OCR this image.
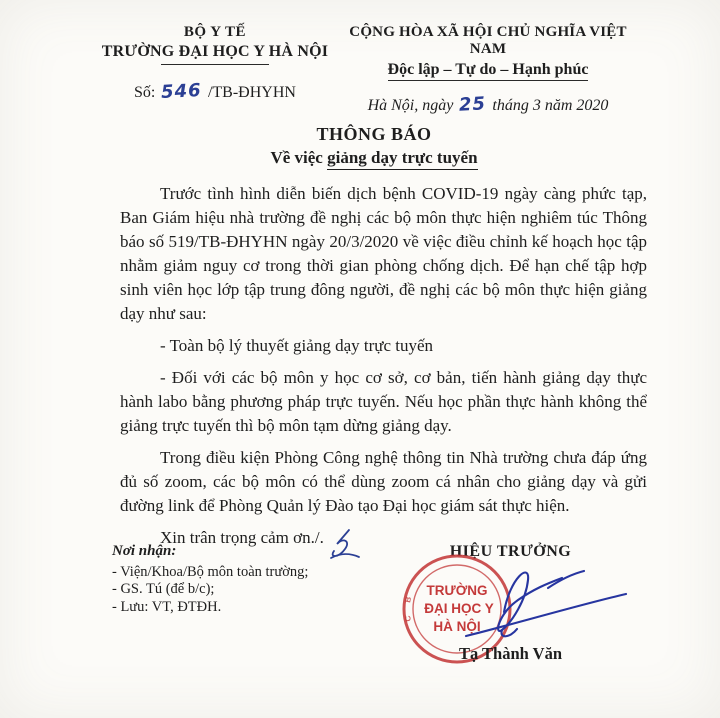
BỘ Y TẾ
TRƯỜNG ĐẠI HỌC Y HÀ NỘI
Số: 546 /TB-ĐHYHN
CỘNG HÒA XÃ HỘI CHỦ NGHĨA VIỆT NAM
Độc lập – Tự do – Hạnh phúc
Hà Nội, ngày 25 tháng 3 năm 2020
THÔNG BÁO
Về việc giảng dạy trực tuyến

Trước tình hình diễn biến dịch bệnh COVID-19 ngày càng phức tạp, Ban Giám hiệu nhà trường đề nghị các bộ môn thực hiện nghiêm túc Thông báo số 519/TB-ĐHYHN ngày 20/3/2020 về việc điều chỉnh kế hoạch học tập nhằm giảm nguy cơ trong thời gian phòng chống dịch. Để hạn chế tập hợp sinh viên học lớp tập trung đông người, đề nghị các bộ môn thực hiện giảng dạy như sau:

- Toàn bộ lý thuyết giảng dạy trực tuyến

- Đối với các bộ môn y học cơ sở, cơ bản, tiến hành giảng dạy thực hành labo bằng phương pháp trực tuyến. Nếu học phần thực hành không thể giảng trực tuyến thì bộ môn tạm dừng giảng dạy.

Trong điều kiện Phòng Công nghệ thông tin Nhà trường chưa đáp ứng đủ số zoom, các bộ môn có thể dùng zoom cá nhân cho giảng dạy và gửi đường link để Phòng Quản lý Đào tạo Đại học giám sát thực hiện.

Xin trân trọng cảm ơn./.

Nơi nhận:
- Viện/Khoa/Bộ môn toàn trường;
- GS. Tú (để b/c);
- Lưu: VT, ĐTĐH.
HIỆU TRƯỞNG
TRƯỜNG
ĐẠI HỌC Y
HÀ NỘI
B
C
Tạ Thành Văn
